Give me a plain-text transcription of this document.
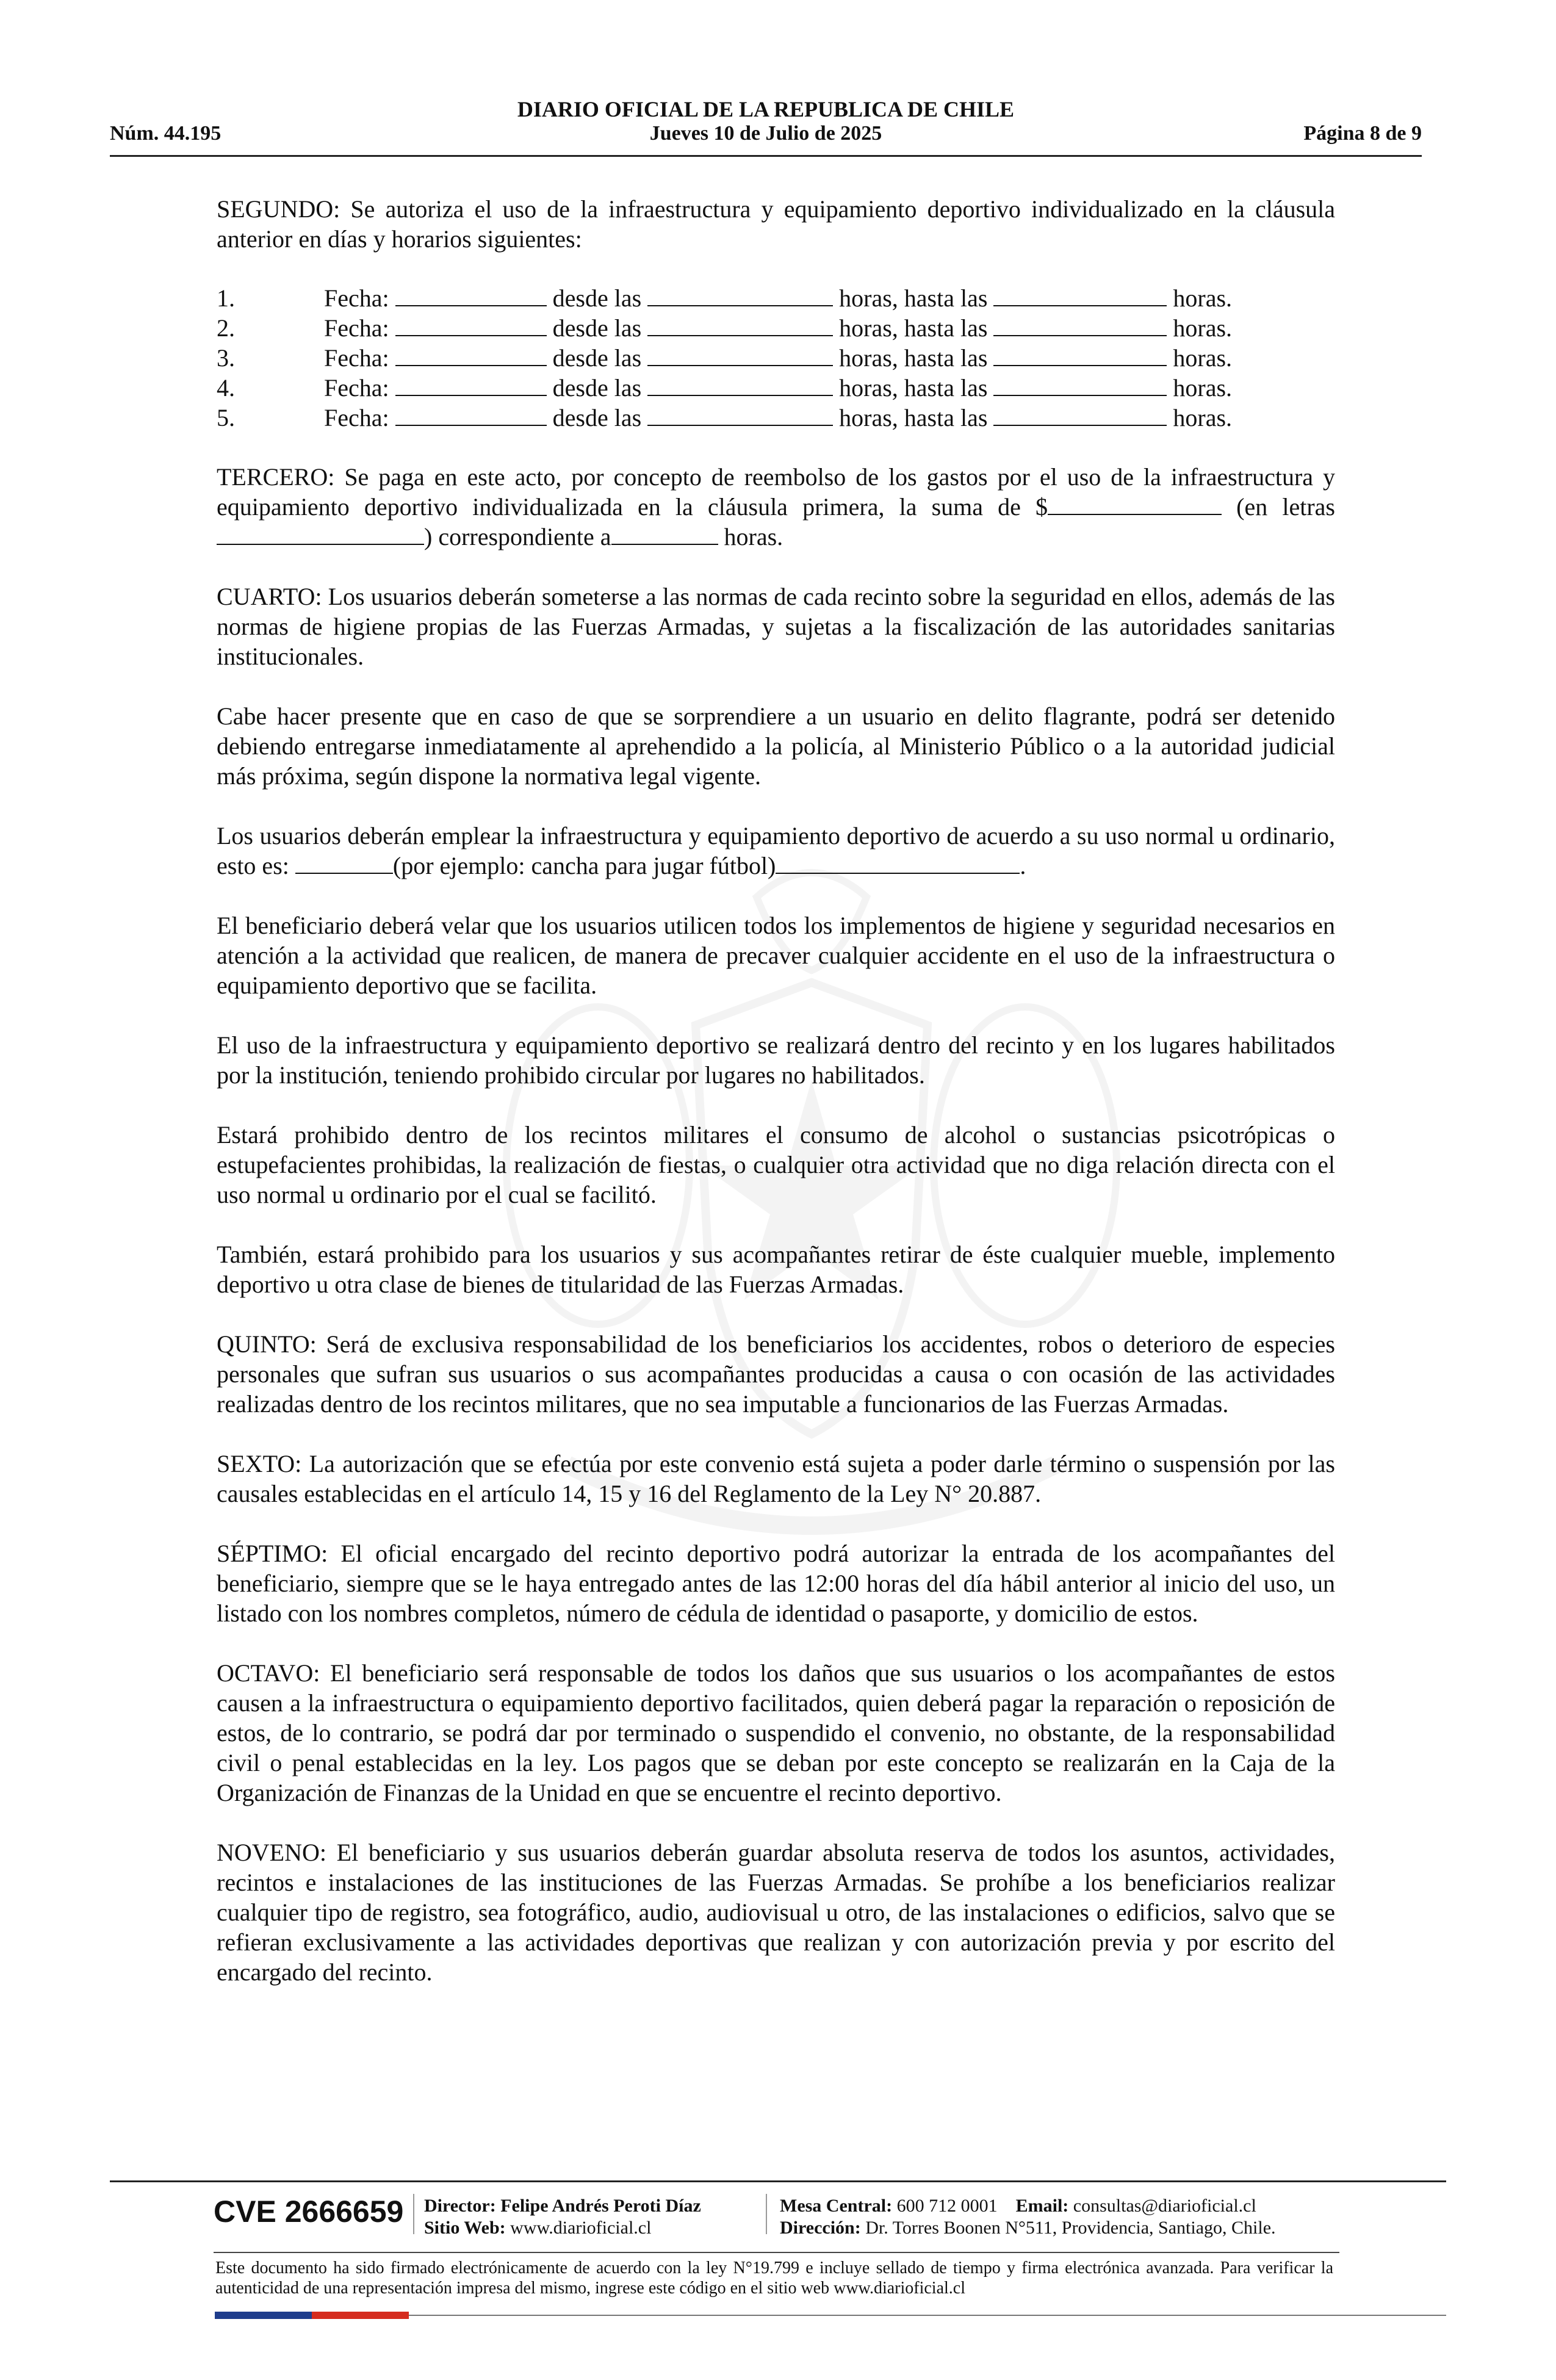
DIARIO OFICIAL DE LA REPUBLICA DE CHILE
Núm. 44.195	Jueves 10 de Julio de 2025	Página 8 de 9

SEGUNDO: Se autoriza el uso de la infraestructura y equipamiento deportivo individualizado en la cláusula anterior en días y horarios siguientes:

1.	Fecha:

	desde las

	horas, hasta las

	horas.
2.	Fecha:

	desde las

	horas, hasta las

	horas.
3.	Fecha:

	desde las

	horas, hasta las

	horas.
4.	Fecha:

	desde las

	horas, hasta las

	horas.
5.	Fecha:

	desde las

	horas, hasta las

	horas.

TERCERO: Se paga en este acto, por concepto de reembolso de los gastos por el uso de la infraestructura y equipamiento deportivo individualizada en la cláusula primera, la suma de $	(en letras) correspondiente a	horas.

CUARTO: Los usuarios deberán someterse a las normas de cada recinto sobre la seguridad en ellos, además de las normas de higiene propias de las Fuerzas Armadas, y sujetas a la fiscalización de las autoridades sanitarias institucionales.

Cabe hacer presente que en caso de que se sorprendiere a un usuario en delito flagrante, podrá ser detenido debiendo entregarse inmediatamente al aprehendido a la policía, al Ministerio Público o a la autoridad judicial más próxima, según dispone la normativa legal vigente.

Los usuarios deberán emplear la infraestructura y equipamiento deportivo de acuerdo a su uso normal u ordinario, esto es:	(por ejemplo: cancha para jugar fútbol)	.

El beneficiario deberá velar que los usuarios utilicen todos los implementos de higiene y seguridad necesarios en atención a la actividad que realicen, de manera de precaver cualquier accidente en el uso de la infraestructura o equipamiento deportivo que se facilita.

El uso de la infraestructura y equipamiento deportivo se realizará dentro del recinto y en los lugares habilitados por la institución, teniendo prohibido circular por lugares no habilitados.

Estará prohibido dentro de los recintos militares el consumo de alcohol o sustancias psicotrópicas o estupefacientes prohibidas, la realización de fiestas, o cualquier otra actividad que no diga relación directa con el uso normal u ordinario por el cual se facilitó.

También, estará prohibido para los usuarios y sus acompañantes retirar de éste cualquier mueble, implemento deportivo u otra clase de bienes de titularidad de las Fuerzas Armadas.

QUINTO: Será de exclusiva responsabilidad de los beneficiarios los accidentes, robos o deterioro de especies personales que sufran sus usuarios o sus acompañantes producidas a causa o con ocasión de las actividades realizadas dentro de los recintos militares, que no sea imputable a funcionarios de las Fuerzas Armadas.

SEXTO: La autorización que se efectúa por este convenio está sujeta a poder darle término o suspensión por las causales establecidas en el artículo 14, 15 y 16 del Reglamento de la Ley N° 20.887.

SÉPTIMO: El oficial encargado del recinto deportivo podrá autorizar la entrada de los acompañantes del beneficiario, siempre que se le haya entregado antes de las 12:00 horas del día hábil anterior al inicio del uso, un listado con los nombres completos, número de cédula de identidad o pasaporte, y domicilio de estos.

OCTAVO: El beneficiario será responsable de todos los daños que sus usuarios o los acompañantes de estos causen a la infraestructura o equipamiento deportivo facilitados, quien deberá pagar la reparación o reposición de estos, de lo contrario, se podrá dar por terminado o suspendido el convenio, no obstante, de la responsabilidad civil o penal establecidas en la ley. Los pagos que se deban por este concepto se realizarán en la Caja de la Organización de Finanzas de la Unidad en que se encuentre el recinto deportivo.

NOVENO: El beneficiario y sus usuarios deberán guardar absoluta reserva de todos los asuntos, actividades, recintos e instalaciones de las instituciones de las Fuerzas Armadas. Se prohíbe a los beneficiarios realizar cualquier tipo de registro, sea fotográfico, audio, audiovisual u otro, de las instalaciones o edificios, salvo que se refieran exclusivamente a las actividades deportivas que realizan y con autorización previa y por escrito del encargado del recinto.

CVE 2666659 Director: Felipe Andrés Peroti Díaz
Sitio Web: www.diarioficial.cl
Mesa Central: 600 712 0001 Email: consultas@diarioficial.cl
Dirección: Dr. Torres Boonen N°511, Providencia, Santiago, Chile.
Este documento ha sido firmado electrónicamente de acuerdo con la ley N°19.799 e incluye sellado de tiempo y firma electrónica avanzada. Para verificar la autenticidad de una representación impresa del mismo, ingrese este código en el sitio web www.diarioficial.cl
